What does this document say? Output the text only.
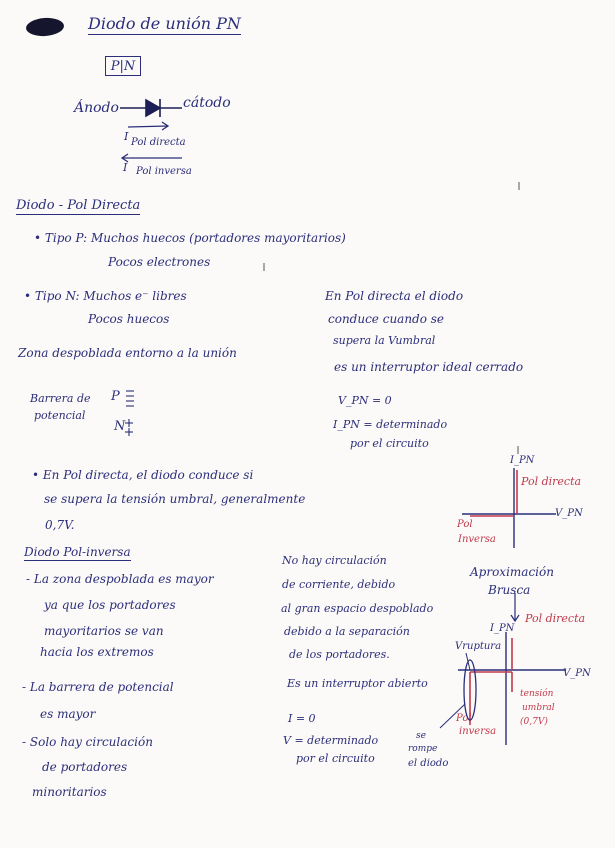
Diodo de unión PN
P|N
Ánodo	cátodo
I Pol directa
I Pol inversa
Diodo - Pol Directa
• Tipo P: Muchos huecos (portadores mayoritarios)
Pocos electrones
• Tipo N: Muchos e⁻ libres
Pocos huecos
Zona despoblada entorno a la unión
Barrera de
potencial
P
N
En Pol directa el diodo
conduce cuando se
supera la Vumbral
es un interruptor ideal cerrado
V_PN = 0
I_PN = determinado
por el circuito
• En Pol directa, el diodo conduce si
se supera la tensión umbral, generalmente
0,7V.
I_PN
V_PN
Pol directa
Pol
Inversa
Aproximación
Brusca
Diodo Pol-inversa
- La zona despoblada es mayor
ya que los portadores
mayoritarios se van
hacia los extremos
- La barrera de potencial
es mayor
- Solo hay circulación
de portadores
minoritarios
No hay circulación
de corriente, debido
al gran espacio despoblado
debido a la separación
de los portadores.
Es un interruptor abierto
I = 0
V = determinado
por el circuito
I_PN
V_PN
Pol directa
Vruptura
tensión
umbral
(0,7V)
Pol
inversa
se
rompe
el diodo
